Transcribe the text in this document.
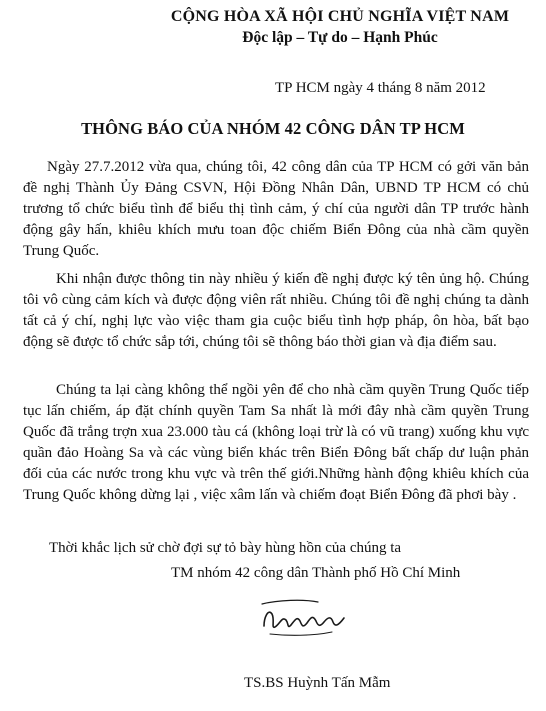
CỘNG HÒA XÃ HỘI CHỦ NGHĨA VIỆT NAM
Độc lập – Tự do – Hạnh Phúc
TP HCM ngày 4 tháng 8 năm 2012
THÔNG BÁO CỦA NHÓM 42 CÔNG DÂN TP HCM

Ngày 27.7.2012 vừa qua, chúng tôi, 42 công dân của TP HCM có gởi văn bản đề nghị Thành Ủy Đảng CSVN, Hội Đồng Nhân Dân, UBND TP HCM có chủ trương tổ chức biểu tình để biểu thị tình cảm, ý chí của người dân TP trước hành động gây hấn, khiêu khích mưu toan độc chiếm Biển Đông của nhà cầm quyền Trung Quốc.

Khi nhận được thông tin này nhiều ý kiến đề nghị được ký tên ủng hộ. Chúng tôi vô cùng cảm kích và được động viên rất nhiều. Chúng tôi đề nghị chúng ta dành tất cả ý chí, nghị lực vào việc tham gia cuộc biểu tình hợp pháp, ôn hòa, bất bạo động sẽ được tổ chức sắp tới, chúng tôi sẽ thông báo thời gian và địa điểm sau.

Chúng ta lại càng không thể ngồi yên để cho nhà cầm quyền Trung Quốc tiếp tục lấn chiếm, áp đặt chính quyền Tam Sa nhất là mới đây nhà cầm quyền Trung Quốc đã trắng trợn xua 23.000 tàu cá (không loại trừ là có vũ trang) xuống khu vực quần đảo Hoàng Sa và các vùng biển khác trên Biển Đông bất chấp dư luận phản đối của các nước trong khu vực và trên thế giới.Những hành động khiêu khích của Trung Quốc không dừng lại , việc xâm lấn và chiếm đoạt Biển Đông đã phơi bày .

Thời khắc lịch sử chờ đợi sự tỏ bày hùng hồn của chúng ta
TM nhóm 42 công dân Thành phố Hồ Chí Minh
TS.BS Huỳnh Tấn Mẫm
